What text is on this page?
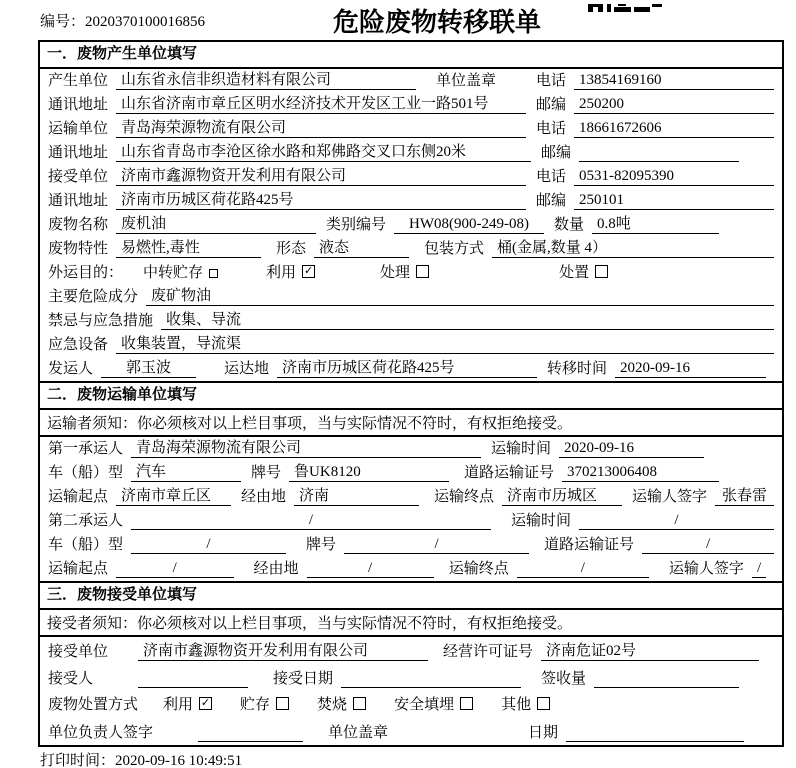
编号：2020370100016856	危险废物转移联单
一．废物产生单位填写
产生单位 山东省永信非织造材料有限公司	单位盖章	电话 13854169160
通讯地址 山东省济南市章丘区明水经济技术开发区工业一路501号	邮编 250200
运输单位 青岛海荣源物流有限公司	电话 18661672606
通讯地址 山东省青岛市李沧区徐水路和郑佛路交叉口东侧20米	邮编
接受单位 济南市鑫源物资开发利用有限公司	电话 0531-82095390
通讯地址 济南市历城区荷花路425号	邮编 250101
废物名称 废机油	类别编号	HW08(900-249-08)	数量 0.8吨
废物特性 易燃性,毒性	形态 液态	包装方式 桶(金属,数量 4）
外运目的： 中转贮存	利用 ✓	处理	处置
主要危险成分 废矿物油
禁忌与应急措施 收集、导流
应急设备 收集装置，导流渠
发运人	郭玉波	运达地 济南市历城区荷花路425号	转移时间 2020-09-16
二．废物运输单位填写
运输者须知：你必须核对以上栏目事项，当与实际情况不符时，有权拒绝接受。
第一承运人 青岛海荣源物流有限公司	运输时间 2020-09-16
车（船）型 汽车	牌号 鲁UK8120	道路运输证号 370213006408
运输起点 济南市章丘区	经由地 济南	运输终点 济南市历城区	运输人签字 张春雷
第二承运人	/	运输时间	/
车（船）型	/	牌号	/	道路运输证号	/
运输起点	/	经由地	/	运输终点	/	运输人签字 /
三．废物接受单位填写
接受者须知：你必须核对以上栏目事项，当与实际情况不符时，有权拒绝接受。
接受单位	济南市鑫源物资开发利用有限公司	经营许可证号 济南危证02号
接受人	接受日期	签收量
废物处置方式 利用 ✓ 贮存	焚烧	安全填埋	其他
单位负责人签字	单位盖章	日期
打印时间：2020-09-16 10:49:51
